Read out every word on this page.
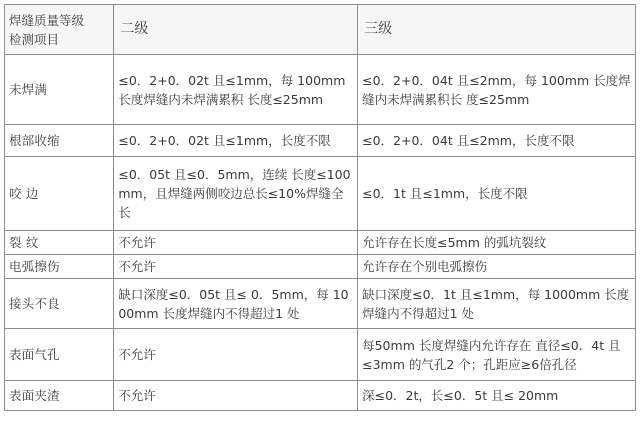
焊缝质量等级
检测项目	二级	三级
未焊满	≤0．2+0．02t 且≤1mm，每 100mm 长度焊缝内未焊满累积 长度≤25mm	≤0．2+0．04t 且≤2mm，每 100mm 长度焊缝内未焊满累积长 度≤25mm
根部收缩	≤0．2+0．02t 且≤1mm，长度不限	≤0．2+0．04t 且≤2mm，长度不限
咬 边	≤0．05t 且≤0．5mm，连续 长度≤100mm，且焊缝两侧咬边总长≤10%焊缝全长	≤0．1t 且≤1mm，长度不限
裂 纹	不允许	允许存在长度≤5mm 的弧坑裂纹
电弧擦伤	不允许	允许存在个别电弧擦伤
接头不良	缺口深度≤0．05t 且≤ 0．5mm，每 1000mm 长度焊缝内不得超过1 处	缺口深度≤0．1t 且≤1mm，每 1000mm 长度焊缝内不得超过1 处
表面气孔	不允许	每50mm 长度焊缝内允许存在 直径≤0．4t 且≤3mm 的气孔2 个；孔距应≥6倍孔径
表面夹渣	不允许	深≤0．2t，长≤0．5t 且≤ 20mm
